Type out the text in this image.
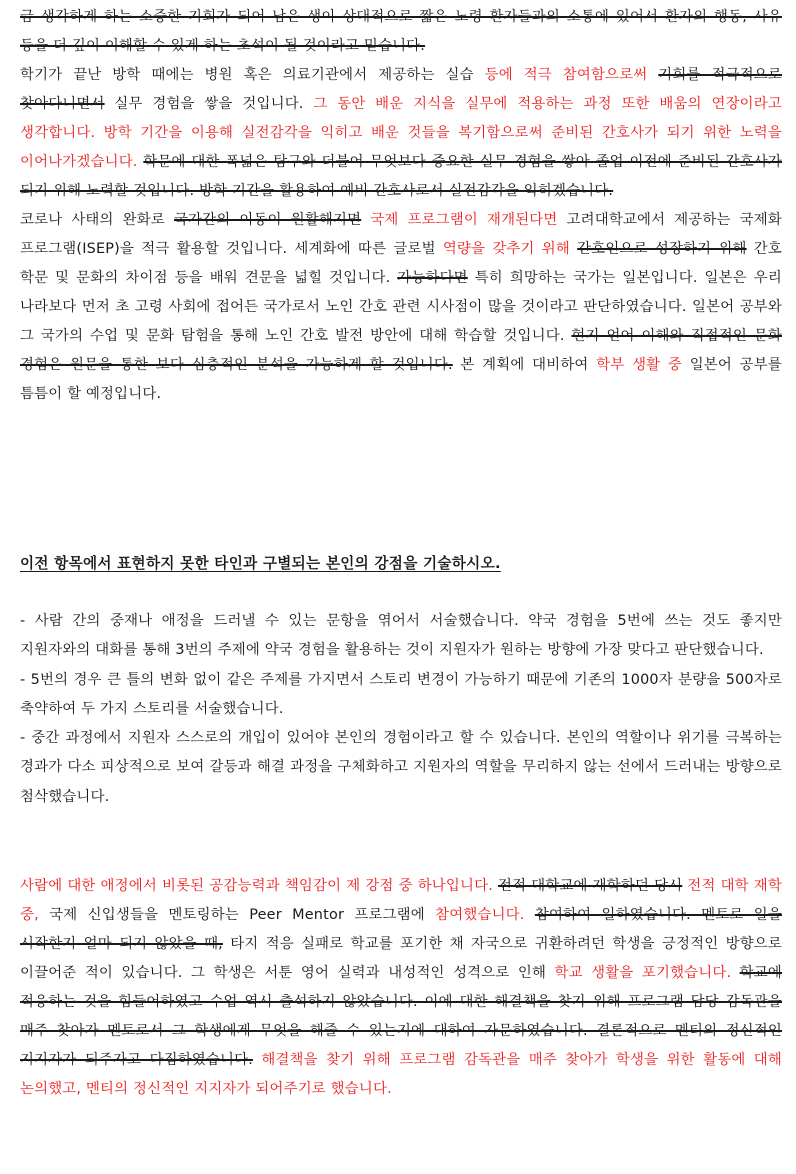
금 생각하게 하는 소중한 기회가 되어 남은 생이 상대적으로 짧은 노령 환자들과의 소통에 있어서 환자의 행동, 사유 등을 더 깊이 이해할 수 있게 하는 초석이 될 것이라고 믿습니다.

학기가 끝난 방학 때에는 병원 혹은 의료기관에서 제공하는 실습 등에 적극 참여함으로써 기회를 적극적으로 찾아다니면서 실무 경험을 쌓을 것입니다. 그 동안 배운 지식을 실무에 적용하는 과정 또한 배움의 연장이라고 생각합니다. 방학 기간을 이용해 실전감각을 익히고 배운 것들을 복기함으로써 준비된 간호사가 되기 위한 노력을 이어나가겠습니다. 학문에 대한 폭넓은 탐구와 더불어 무엇보다 중요한 실무 경험을 쌓아 졸업 이전에 준비된 간호사가 되기 위해 노력할 것입니다. 방학 기간을 활용하여 예비 간호사로서 실전감각을 익히겠습니다.

코로나 사태의 완화로 국가간의 이동이 원활해지면 국제 프로그램이 재개된다면 고려대학교에서 제공하는 국제화 프로그램(ISEP)을 적극 활용할 것입니다. 세계화에 따른 글로벌 역량을 갖추기 위해 간호인으로 성장하기 위해 간호 학문 및 문화의 차이점 등을 배워 견문을 넓힐 것입니다. 가능하다면 특히 희망하는 국가는 일본입니다. 일본은 우리 나라보다 먼저 초 고령 사회에 접어든 국가로서 노인 간호 관련 시사점이 많을 것이라고 판단하였습니다. 일본어 공부와 그 국가의 수업 및 문화 탐험을 통해 노인 간호 발전 방안에 대해 학습할 것입니다. 현지 언어 이해와 직접적인 문화 경험은 원문을 통한 보다 심층적인 분석을 가능하게 할 것입니다. 본 계획에 대비하여 학부 생활 중 일본어 공부를 틈틈이 할 예정입니다.

이전 항목에서 표현하지 못한 타인과 구별되는 본인의 강점을 기술하시오.

- 사람 간의 중재나 애정을 드러낼 수 있는 문항을 엮어서 서술했습니다. 약국 경험을 5번에 쓰는 것도 좋지만 지원자와의 대화를 통해 3번의 주제에 약국 경험을 활용하는 것이 지원자가 원하는 방향에 가장 맞다고 판단했습니다.

- 5번의 경우 큰 틀의 변화 없이 같은 주제를 가지면서 스토리 변경이 가능하기 때문에 기존의 1000자 분량을 500자로 축약하여 두 가지 스토리를 서술했습니다.

- 중간 과정에서 지원자 스스로의 개입이 있어야 본인의 경험이라고 할 수 있습니다. 본인의 역할이나 위기를 극복하는 경과가 다소 피상적으로 보여 갈등과 해결 과정을 구체화하고 지원자의 역할을 무리하지 않는 선에서 드러내는 방향으로 첨삭했습니다.

사람에 대한 애정에서 비롯된 공감능력과 책임감이 제 강점 중 하나입니다. 전적 대학교에 재학하던 당시 전적 대학 재학 중, 국제 신입생들을 멘토링하는 Peer Mentor 프로그램에 참여했습니다. 참여하여 일하였습니다. 멘토로 일을 시작한지 얼마 되지 않았을 때, 타지 적응 실패로 학교를 포기한 채 자국으로 귀환하려던 학생을 긍정적인 방향으로 이끌어준 적이 있습니다. 그 학생은 서툰 영어 실력과 내성적인 성격으로 인해 학교 생활을 포기했습니다. 학교에 적응하는 것을 힘들어하였고 수업 역시 출석하지 않았습니다. 이에 대한 해결책을 찾기 위해 프로그램 담당 감독관을 매주 찾아가 멘토로서 그 학생에게 무엇을 해줄 수 있는지에 대하여 자문하였습니다. 결론적으로 멘티의 정신적인 지지자가 되주자고 다짐하였습니다. 해결책을 찾기 위해 프로그램 감독관을 매주 찾아가 학생을 위한 활동에 대해 논의했고, 멘티의 정신적인 지지자가 되어주기로 했습니다.
